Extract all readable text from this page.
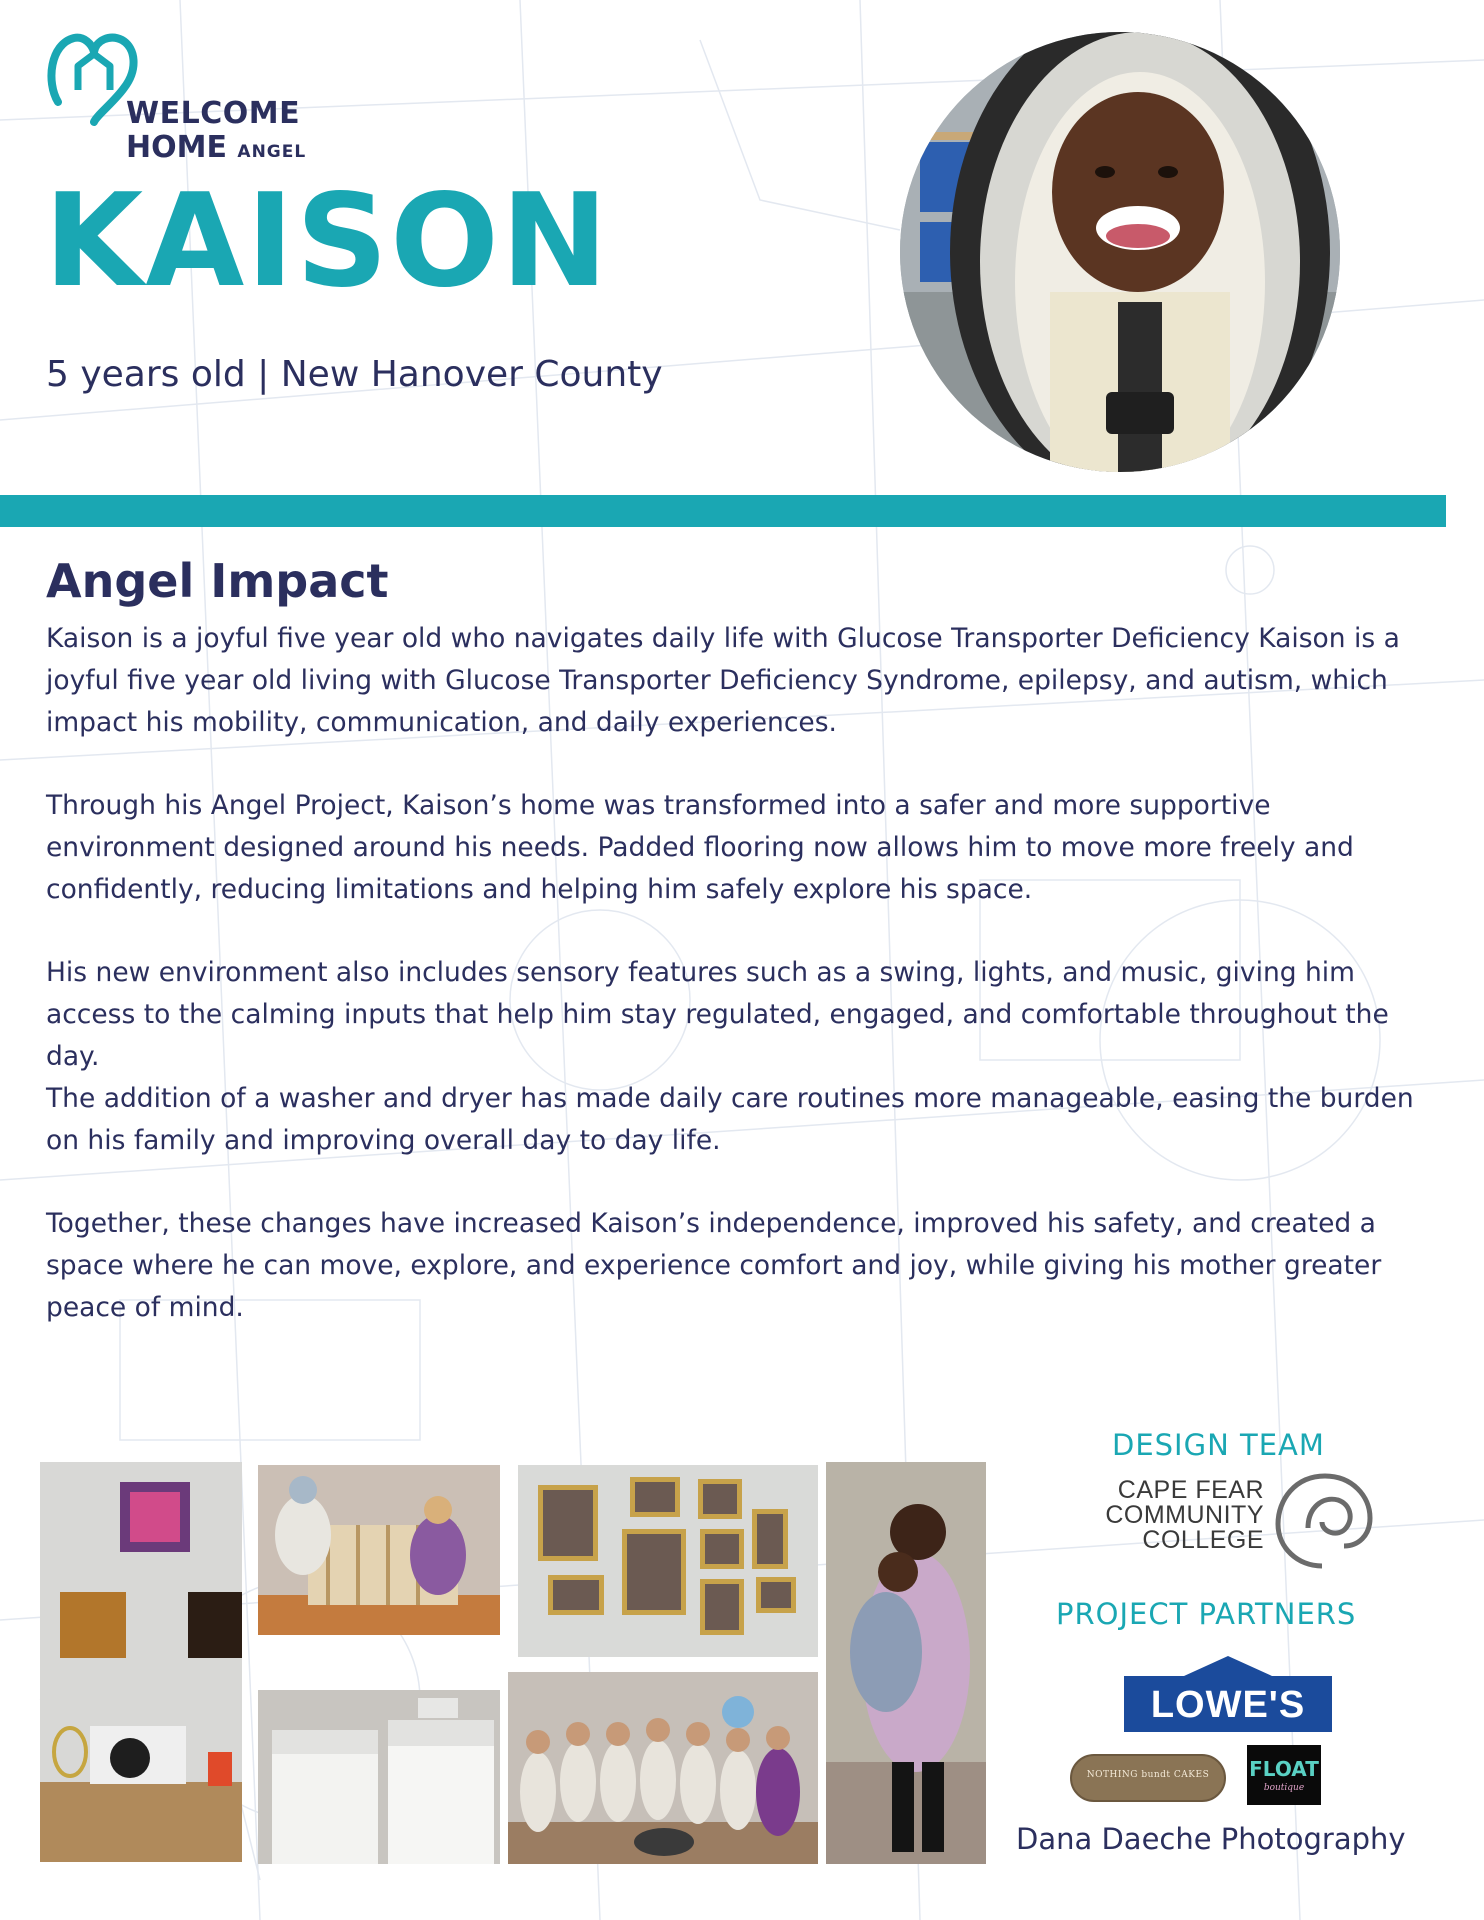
WELCOME
HOME ANGEL
KAISON
5 years old | New Hanover County
Angel Impact

Kaison is a joyful five year old who navigates daily life with Glucose Transporter Deficiency Kaison is a joyful five year old living with Glucose Transporter Deficiency Syndrome, epilepsy, and autism, which impact his mobility, communication, and daily experiences.

Through his Angel Project, Kaison’s home was transformed into a safer and more supportive environment designed around his needs. Padded flooring now allows him to move more freely and confidently, reducing limitations and helping him safely explore his space.

His new environment also includes sensory features such as a swing, lights, and music, giving him access to the calming inputs that help him stay regulated, engaged, and comfortable throughout the day.

The addition of a washer and dryer has made daily care routines more manageable, easing the burden on his family and improving overall day to day life.

Together, these changes have increased Kaison’s independence, improved his safety, and created a space where he can move, explore, and experience comfort and joy, while giving his mother greater peace of mind.

DESIGN TEAM
CAPE FEAR
COMMUNITY
COLLEGE
PROJECT PARTNERS
LOWE'S
NOTHING bundt CAKES	FLOAT
boutique
Dana Daeche Photography
